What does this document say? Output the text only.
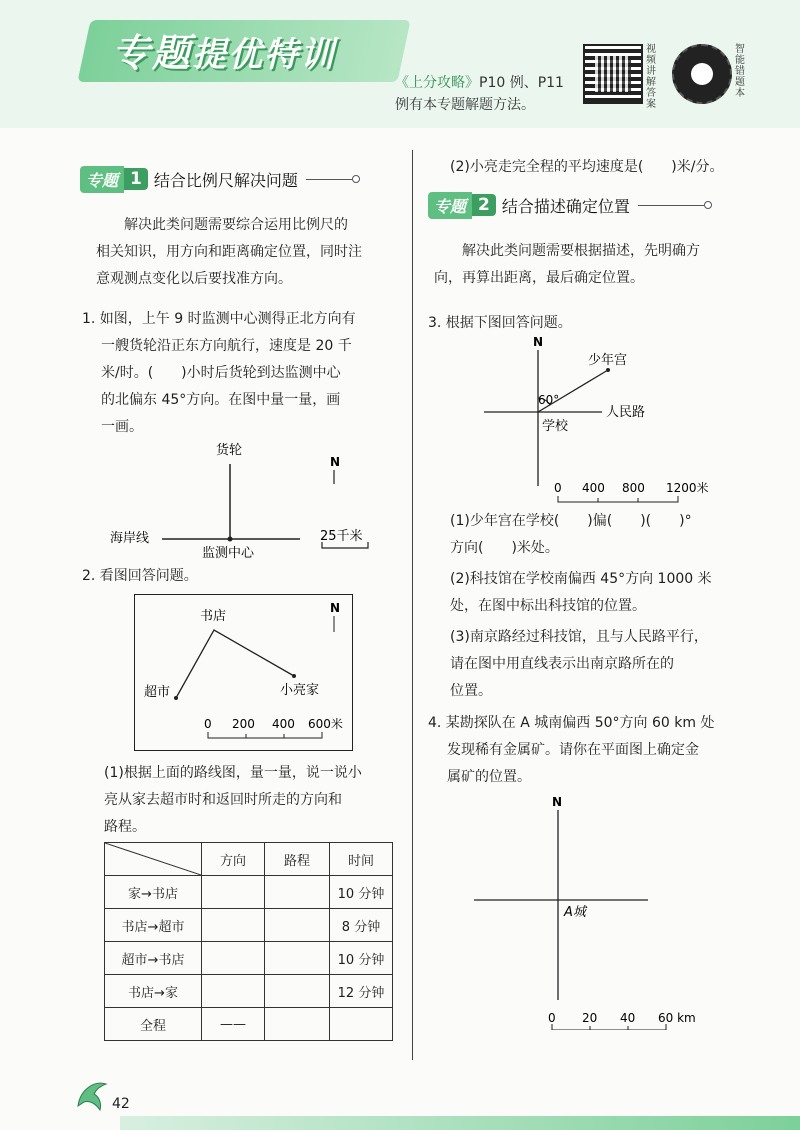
专题提优特训
《上分攻略》P10 例、P11
例有本专题解题方法。
视频讲解答案
智能错题本
专题 1 结合比例尺解决问题
解决此类问题需要综合运用比例尺的
相关知识，用方向和距离确定位置，同时注
意观测点变化以后要找准方向。
1. 如图，上午 9 时监测中心测得正北方向有
一艘货轮沿正东方向航行，速度是 20 千
米/时。(　　)小时后货轮到达监测中心
的北偏东 45°方向。在图中量一量，画
一画。
货轮
海岸线
监测中心
N
25千米
2. 看图回答问题。
书店
超市	小亮家
N
0 200 400 600米
(1)根据上面的路线图，量一量，说一说小
亮从家去超市时和返回时所走的方向和
路程。
	方向	路程	时间
家→书店			10 分钟
书店→超市			8 分钟
超市→书店			10 分钟
书店→家			12 分钟
全程	——		
(2)小亮走完全程的平均速度是(　　)米/分。
专题 2 结合描述确定位置
解决此类问题需要根据描述，先明确方
向，再算出距离，最后确定位置。
3. 根据下图回答问题。
N
少年宫
人民路
学校
60°
0 400 800 1200米
(1)少年宫在学校(　　)偏(　　)(　　)°
方向(　　)米处。
(2)科技馆在学校南偏西 45°方向 1000 米
处，在图中标出科技馆的位置。
(3)南京路经过科技馆，且与人民路平行，
请在图中用直线表示出南京路所在的
位置。
4. 某勘探队在 A 城南偏西 50°方向 60 km 处
发现稀有金属矿。请你在平面图上确定金
属矿的位置。
N
A城
0 20 40 60 km
42
